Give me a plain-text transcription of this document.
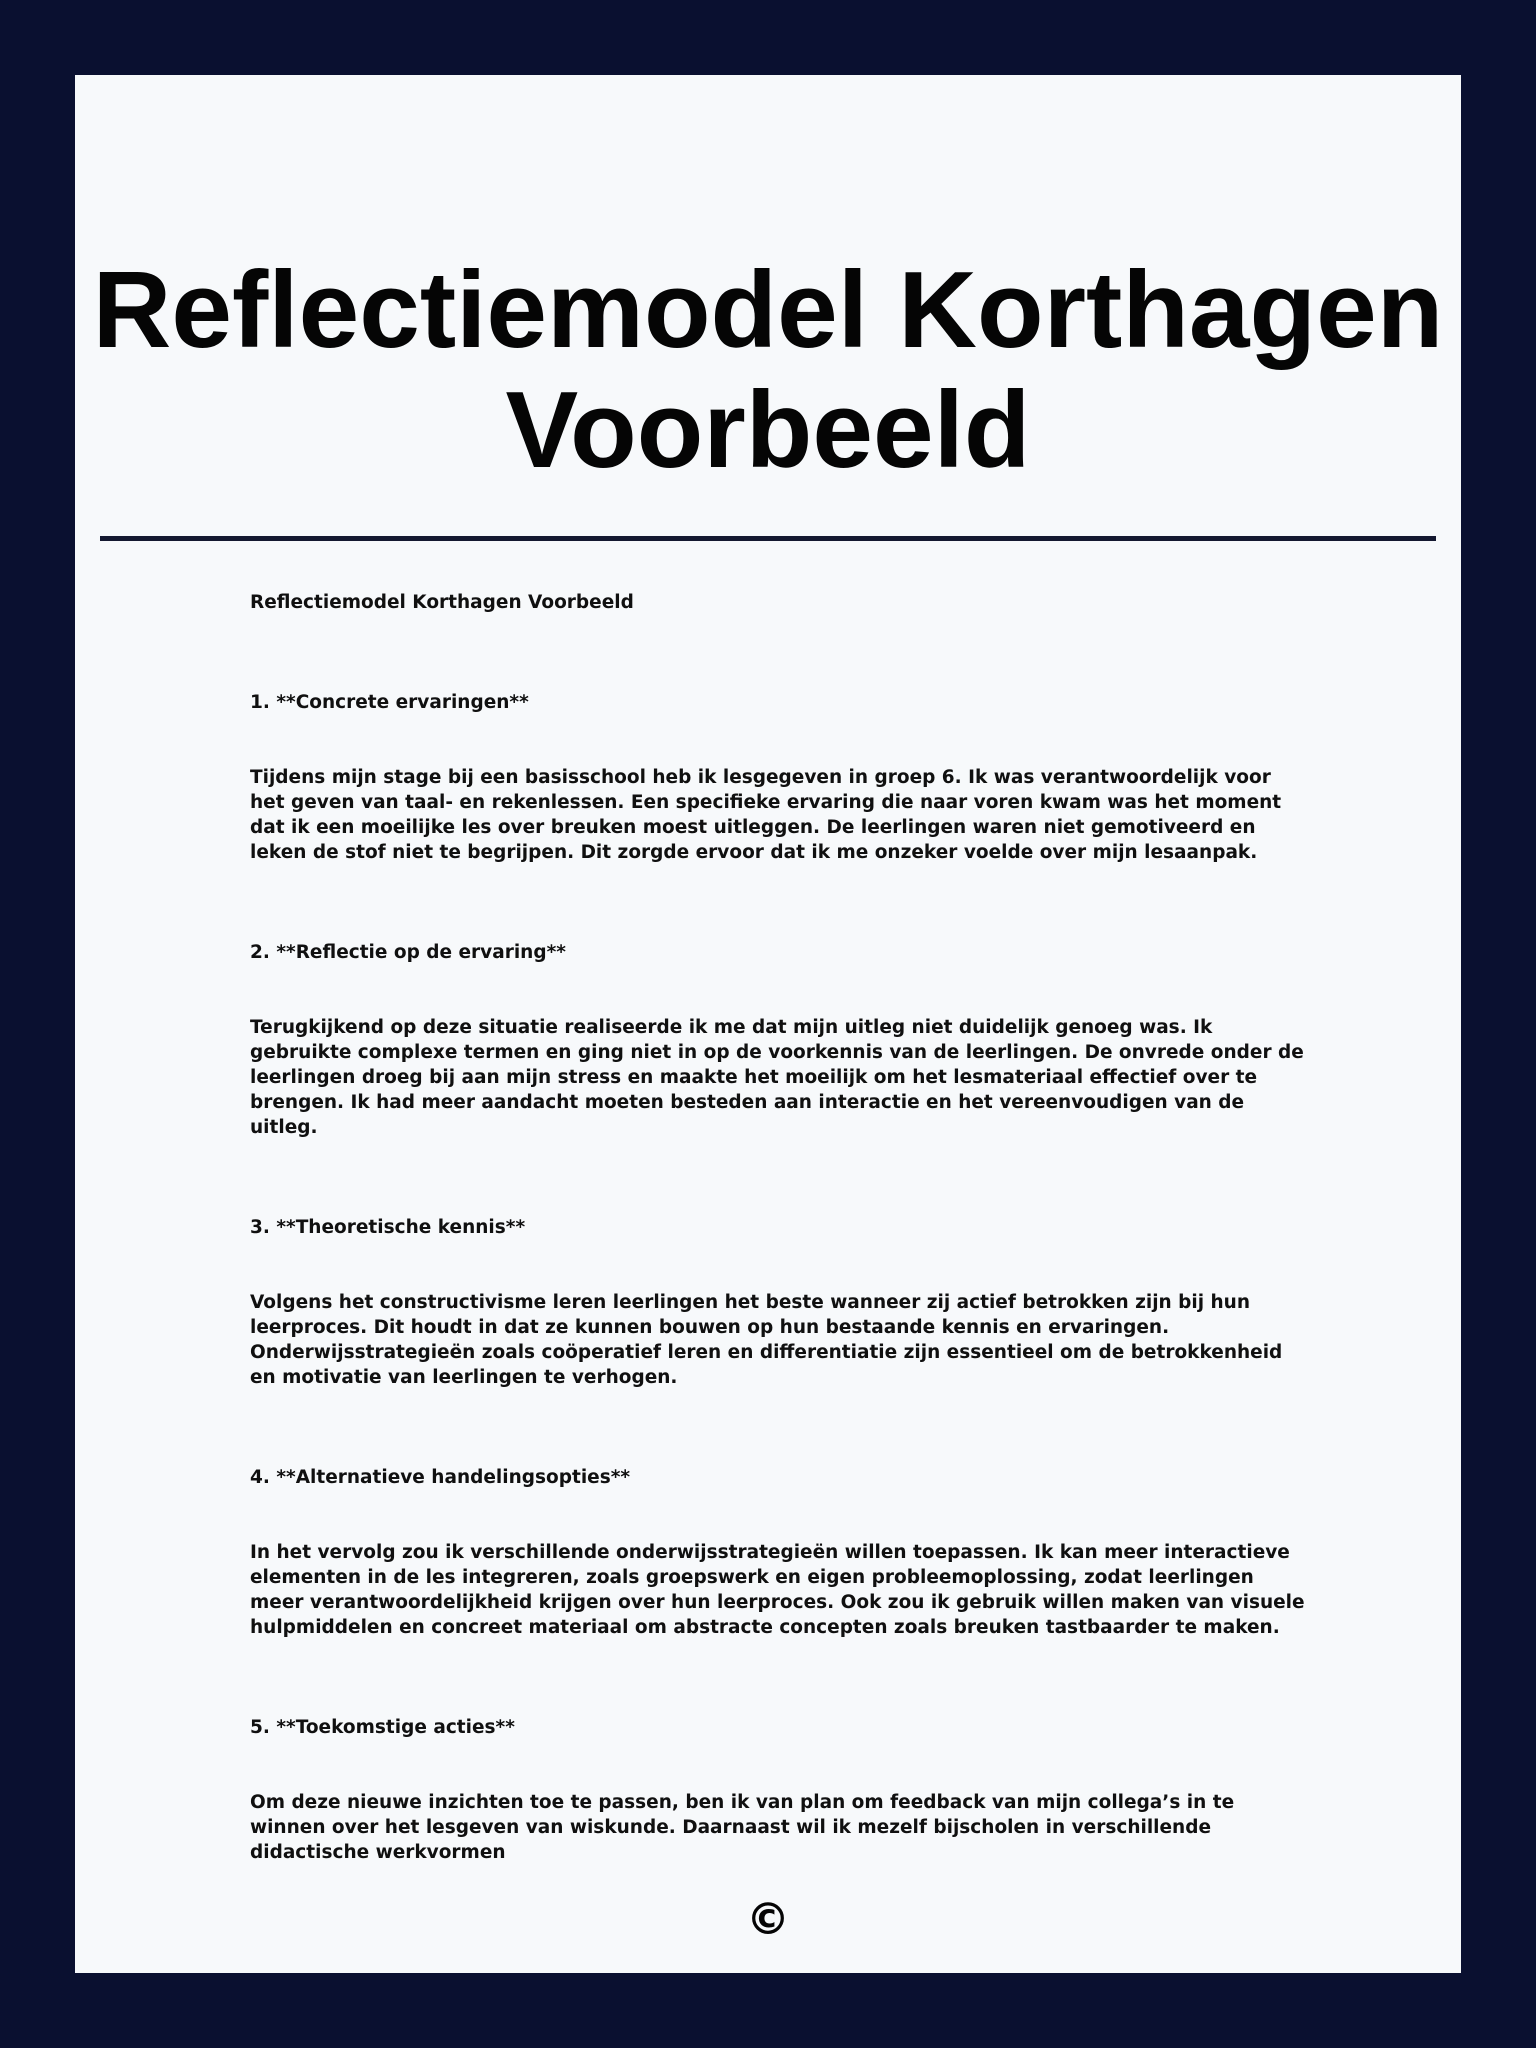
Reflectiemodel Korthagen Voorbeeld

Reflectiemodel Korthagen Voorbeeld

1. **Concrete ervaringen**

Tijdens mijn stage bij een basisschool heb ik lesgegeven in groep 6. Ik was verantwoordelijk voor het geven van taal- en rekenlessen. Een specifieke ervaring die naar voren kwam was het moment dat ik een moeilijke les over breuken moest uitleggen. De leerlingen waren niet gemotiveerd en leken de stof niet te begrijpen. Dit zorgde ervoor dat ik me onzeker voelde over mijn lesaanpak.

2. **Reflectie op de ervaring**

Terugkijkend op deze situatie realiseerde ik me dat mijn uitleg niet duidelijk genoeg was. Ik gebruikte complexe termen en ging niet in op de voorkennis van de leerlingen. De onvrede onder de leerlingen droeg bij aan mijn stress en maakte het moeilijk om het lesmateriaal effectief over te brengen. Ik had meer aandacht moeten besteden aan interactie en het vereenvoudigen van de uitleg.

3. **Theoretische kennis**

Volgens het constructivisme leren leerlingen het beste wanneer zij actief betrokken zijn bij hun leerproces. Dit houdt in dat ze kunnen bouwen op hun bestaande kennis en ervaringen. Onderwijsstrategieën zoals coöperatief leren en differentiatie zijn essentieel om de betrokkenheid en motivatie van leerlingen te verhogen.

4. **Alternatieve handelingsopties**

In het vervolg zou ik verschillende onderwijsstrategieën willen toepassen. Ik kan meer interactieve elementen in de les integreren, zoals groepswerk en eigen probleemoplossing, zodat leerlingen meer verantwoordelijkheid krijgen over hun leerproces. Ook zou ik gebruik willen maken van visuele hulpmiddelen en concreet materiaal om abstracte concepten zoals breuken tastbaarder te maken.

5. **Toekomstige acties**

Om deze nieuwe inzichten toe te passen, ben ik van plan om feedback van mijn collega’s in te winnen over het lesgeven van wiskunde. Daarnaast wil ik mezelf bijscholen in verschillende didactische werkvormen

©
